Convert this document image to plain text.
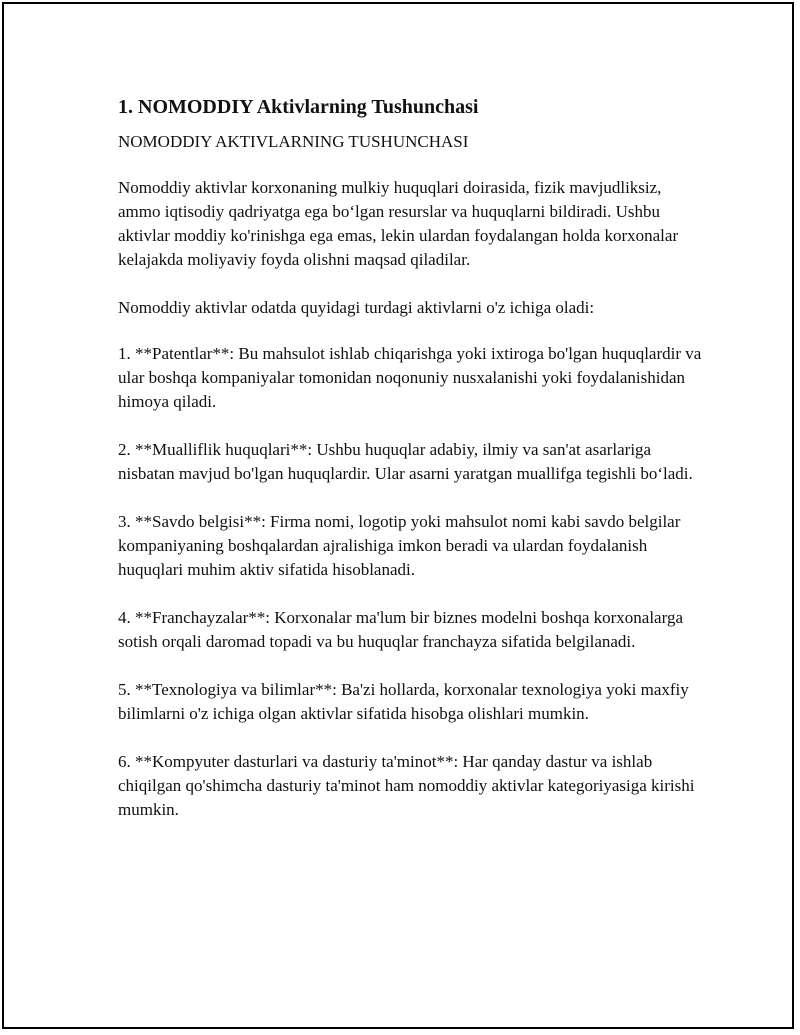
1. NOMODDIY Aktivlarning Tushunchasi

NOMODDIY AKTIVLARNING TUSHUNCHASI

Nomoddiy aktivlar korxonaning mulkiy huquqlari doirasida, fizik mavjudliksiz, ammo iqtisodiy qadriyatga ega bo‘lgan resurslar va huquqlarni bildiradi. Ushbu aktivlar moddiy ko'rinishga ega emas, lekin ulardan foydalangan holda korxonalar kelajakda moliyaviy foyda olishni maqsad qiladilar.

Nomoddiy aktivlar odatda quyidagi turdagi aktivlarni o'z ichiga oladi:

1. **Patentlar**: Bu mahsulot ishlab chiqarishga yoki ixtiroga bo'lgan huquqlardir va ular boshqa kompaniyalar tomonidan noqonuniy nusxalanishi yoki foydalanishidan himoya qiladi.

2. **Mualliflik huquqlari**: Ushbu huquqlar adabiy, ilmiy va san'at asarlariga nisbatan mavjud bo'lgan huquqlardir. Ular asarni yaratgan muallifga tegishli bo‘ladi.

3. **Savdo belgisi**: Firma nomi, logotip yoki mahsulot nomi kabi savdo belgilar kompaniyaning boshqalardan ajralishiga imkon beradi va ulardan foydalanish huquqlari muhim aktiv sifatida hisoblanadi.

4. **Franchayzalar**: Korxonalar ma'lum bir biznes modelni boshqa korxonalarga sotish orqali daromad topadi va bu huquqlar franchayza sifatida belgilanadi.

5. **Texnologiya va bilimlar**: Ba'zi hollarda, korxonalar texnologiya yoki maxfiy bilimlarni o'z ichiga olgan aktivlar sifatida hisobga olishlari mumkin.

6. **Kompyuter dasturlari va dasturiy ta'minot**: Har qanday dastur va ishlab chiqilgan qo'shimcha dasturiy ta'minot ham nomoddiy aktivlar kategoriyasiga kirishi mumkin.
